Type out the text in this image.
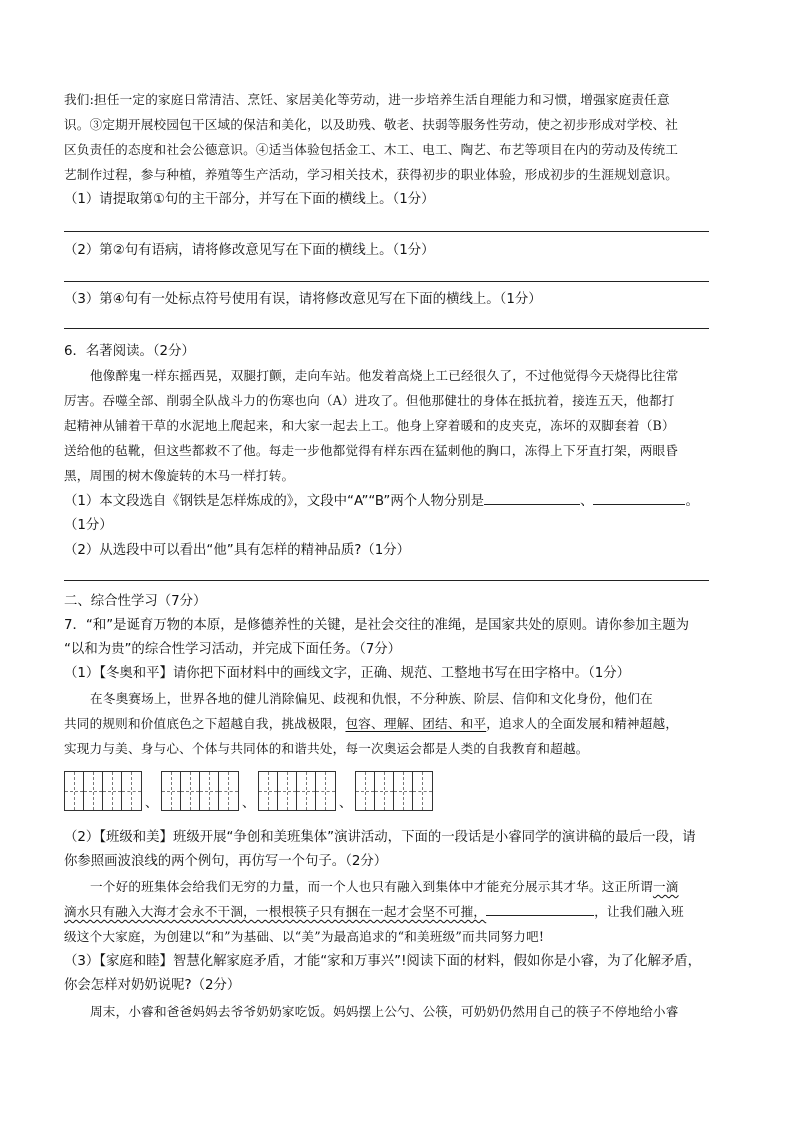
我们:担任一定的家庭日常清洁、烹饪、家居美化等劳动，进一步培养生活自理能力和习惯，增强家庭责任意

识。③定期开展校园包干区域的保洁和美化，以及助残、敬老、扶弱等服务性劳动，使之初步形成对学校、社

区负责任的态度和社会公德意识。④适当体验包括金工、木工、电工、陶艺、布艺等项目在内的劳动及传统工

艺制作过程，参与种植，养殖等生产活动，学习相关技术，获得初步的职业体验，形成初步的生涯规划意识。

（1）请提取第①句的主干部分，并写在下面的横线上。（1分）

（2）第②句有语病，请将修改意见写在下面的横线上。（1分）

（3）第④句有一处标点符号使用有误，请将修改意见写在下面的横线上。（1分）

6．名著阅读。（2分）

他像醉鬼一样东摇西晃，双腿打颤，走向车站。他发着高烧上工已经很久了，不过他觉得今天烧得比往常

厉害。吞噬全部、削弱全队战斗力的伤寒也向（A）进攻了。但他那健壮的身体在抵抗着，接连五天，他都打

起精神从铺着干草的水泥地上爬起来，和大家一起去上工。他身上穿着暖和的皮夹克，冻坏的双脚套着（B）

送给他的毡靴，但这些都救不了他。每走一步他都觉得有样东西在猛刺他的胸口，冻得上下牙直打架，两眼昏

黑，周围的树木像旋转的木马一样打转。

（1）本文段选自《钢铁是怎样炼成的》，文段中“A”“B”两个人物分别是	、	。

（1分）

（2）从选段中可以看出“他”具有怎样的精神品质?（1分）

二、综合性学习（7分）

7．“和”是诞育万物的本原，是修德养性的关键，是社会交往的准绳，是国家共处的原则。请你参加主题为

“以和为贵”的综合性学习活动，并完成下面任务。（7分）

（1）【冬奥和平】请你把下面材料中的画线文字，正确、规范、工整地书写在田字格中。（1分）

在冬奥赛场上，世界各地的健儿消除偏见、歧视和仇恨，不分种族、阶层、信仰和文化身份，他们在

共同的规则和价值底色之下超越自我，挑战极限，包容、理解、团结、和平，追求人的全面发展和精神超越，

实现力与美、身与心、个体与共同体的和谐共处，每一次奥运会都是人类的自我教育和超越。

、	、	、

（2）【班级和美】班级开展“争创和美班集体”演讲活动，下面的一段话是小睿同学的演讲稿的最后一段，请

你参照画波浪线的两个例句，再仿写一个句子。（2分）

一个好的班集体会给我们无穷的力量，而一个人也只有融入到集体中才能充分展示其才华。这正所谓一滴

滴水只有融入大海才会永不干涸，一根根筷子只有捆在一起才会坚不可摧，	，让我们融入班

级这个大家庭，为创建以“和”为基础、以“美”为最高追求的“和美班级”而共同努力吧!

（3）【家庭和睦】智慧化解家庭矛盾，才能“家和万事兴”!阅读下面的材料，假如你是小睿，为了化解矛盾，

你会怎样对奶奶说呢?（2分）

周末，小睿和爸爸妈妈去爷爷奶奶家吃饭。妈妈摆上公勺、公筷，可奶奶仍然用自己的筷子不停地给小睿
